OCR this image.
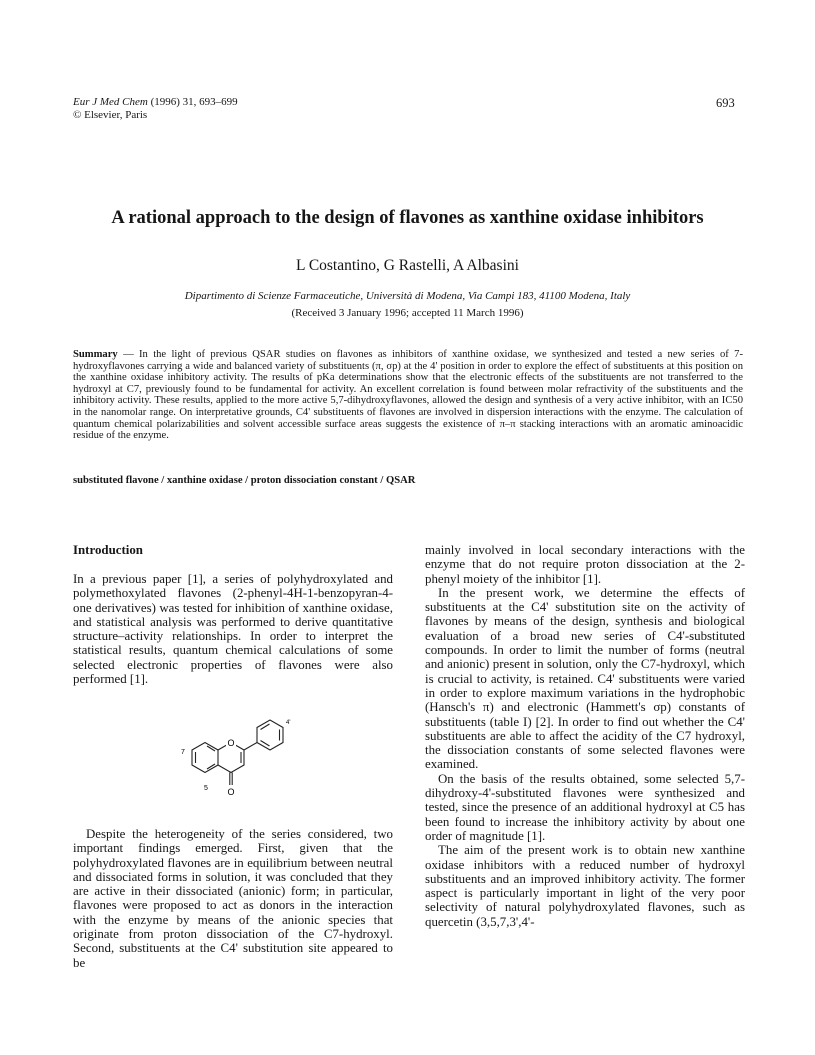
Eur J Med Chem (1996) 31, 693–699
© Elsevier, Paris
693
A rational approach to the design of flavones as xanthine oxidase inhibitors
L Costantino, G Rastelli, A Albasini
Dipartimento di Scienze Farmaceutiche, Università di Modena, Via Campi 183, 41100 Modena, Italy
(Received 3 January 1996; accepted 11 March 1996)
Summary — In the light of previous QSAR studies on flavones as inhibitors of xanthine oxidase, we synthesized and tested a new series of 7-hydroxyflavones carrying a wide and balanced variety of substituents (π, σp) at the 4' position in order to explore the effect of substituents at this position on the xanthine oxidase inhibitory activity. The results of pKa determinations show that the electronic effects of the substituents are not transferred to the hydroxyl at C7, previously found to be fundamental for activity. An excellent correlation is found between molar refractivity of the substituents and the inhibitory activity. These results, applied to the more active 5,7-dihydroxyflavones, allowed the design and synthesis of a very active inhibitor, with an IC50 in the nanomolar range. On interpretative grounds, C4' substituents of flavones are involved in dispersion interactions with the enzyme. The calculation of quantum chemical polarizabilities and solvent accessible surface areas suggests the existence of π–π stacking interactions with an aromatic aminoacidic residue of the enzyme.
substituted flavone / xanthine oxidase / proton dissociation constant / QSAR
Introduction

In a previous paper [1], a series of polyhydroxylated and polymethoxylated flavones (2-phenyl-4H-1-benzopyran-4-one derivatives) was tested for inhibition of xanthine oxidase, and statistical analysis was performed to derive quantitative structure–activity relationships. In order to interpret the statistical results, quantum chemical calculations of some selected electronic properties of flavones were also performed [1].

O
O
7
5
4'

Despite the heterogeneity of the series considered, two important findings emerged. First, given that the polyhydroxylated flavones are in equilibrium between neutral and dissociated forms in solution, it was concluded that they are active in their dissociated (anionic) form; in particular, flavones were proposed to act as donors in the interaction with the enzyme by means of the anionic species that originate from proton dissociation of the C7-hydroxyl. Second, substituents at the C4' substitution site appeared to be

mainly involved in local secondary interactions with the enzyme that do not require proton dissociation at the 2-phenyl moiety of the inhibitor [1].

In the present work, we determine the effects of substituents at the C4' substitution site on the activity of flavones by means of the design, synthesis and biological evaluation of a broad new series of C4'-substituted compounds. In order to limit the number of forms (neutral and anionic) present in solution, only the C7-hydroxyl, which is crucial to activity, is retained. C4' substituents were varied in order to explore maximum variations in the hydrophobic (Hansch's π) and electronic (Hammett's σp) constants of substituents (table I) [2]. In order to find out whether the C4' substituents are able to affect the acidity of the C7 hydroxyl, the dissociation constants of some selected flavones were examined.

On the basis of the results obtained, some selected 5,7-dihydroxy-4'-substituted flavones were synthesized and tested, since the presence of an additional hydroxyl at C5 has been found to increase the inhibitory activity by about one order of magnitude [1].

The aim of the present work is to obtain new xanthine oxidase inhibitors with a reduced number of hydroxyl substituents and an improved inhibitory activity. The former aspect is particularly important in light of the very poor selectivity of natural polyhydroxylated flavones, such as quercetin (3,5,7,3',4'-
